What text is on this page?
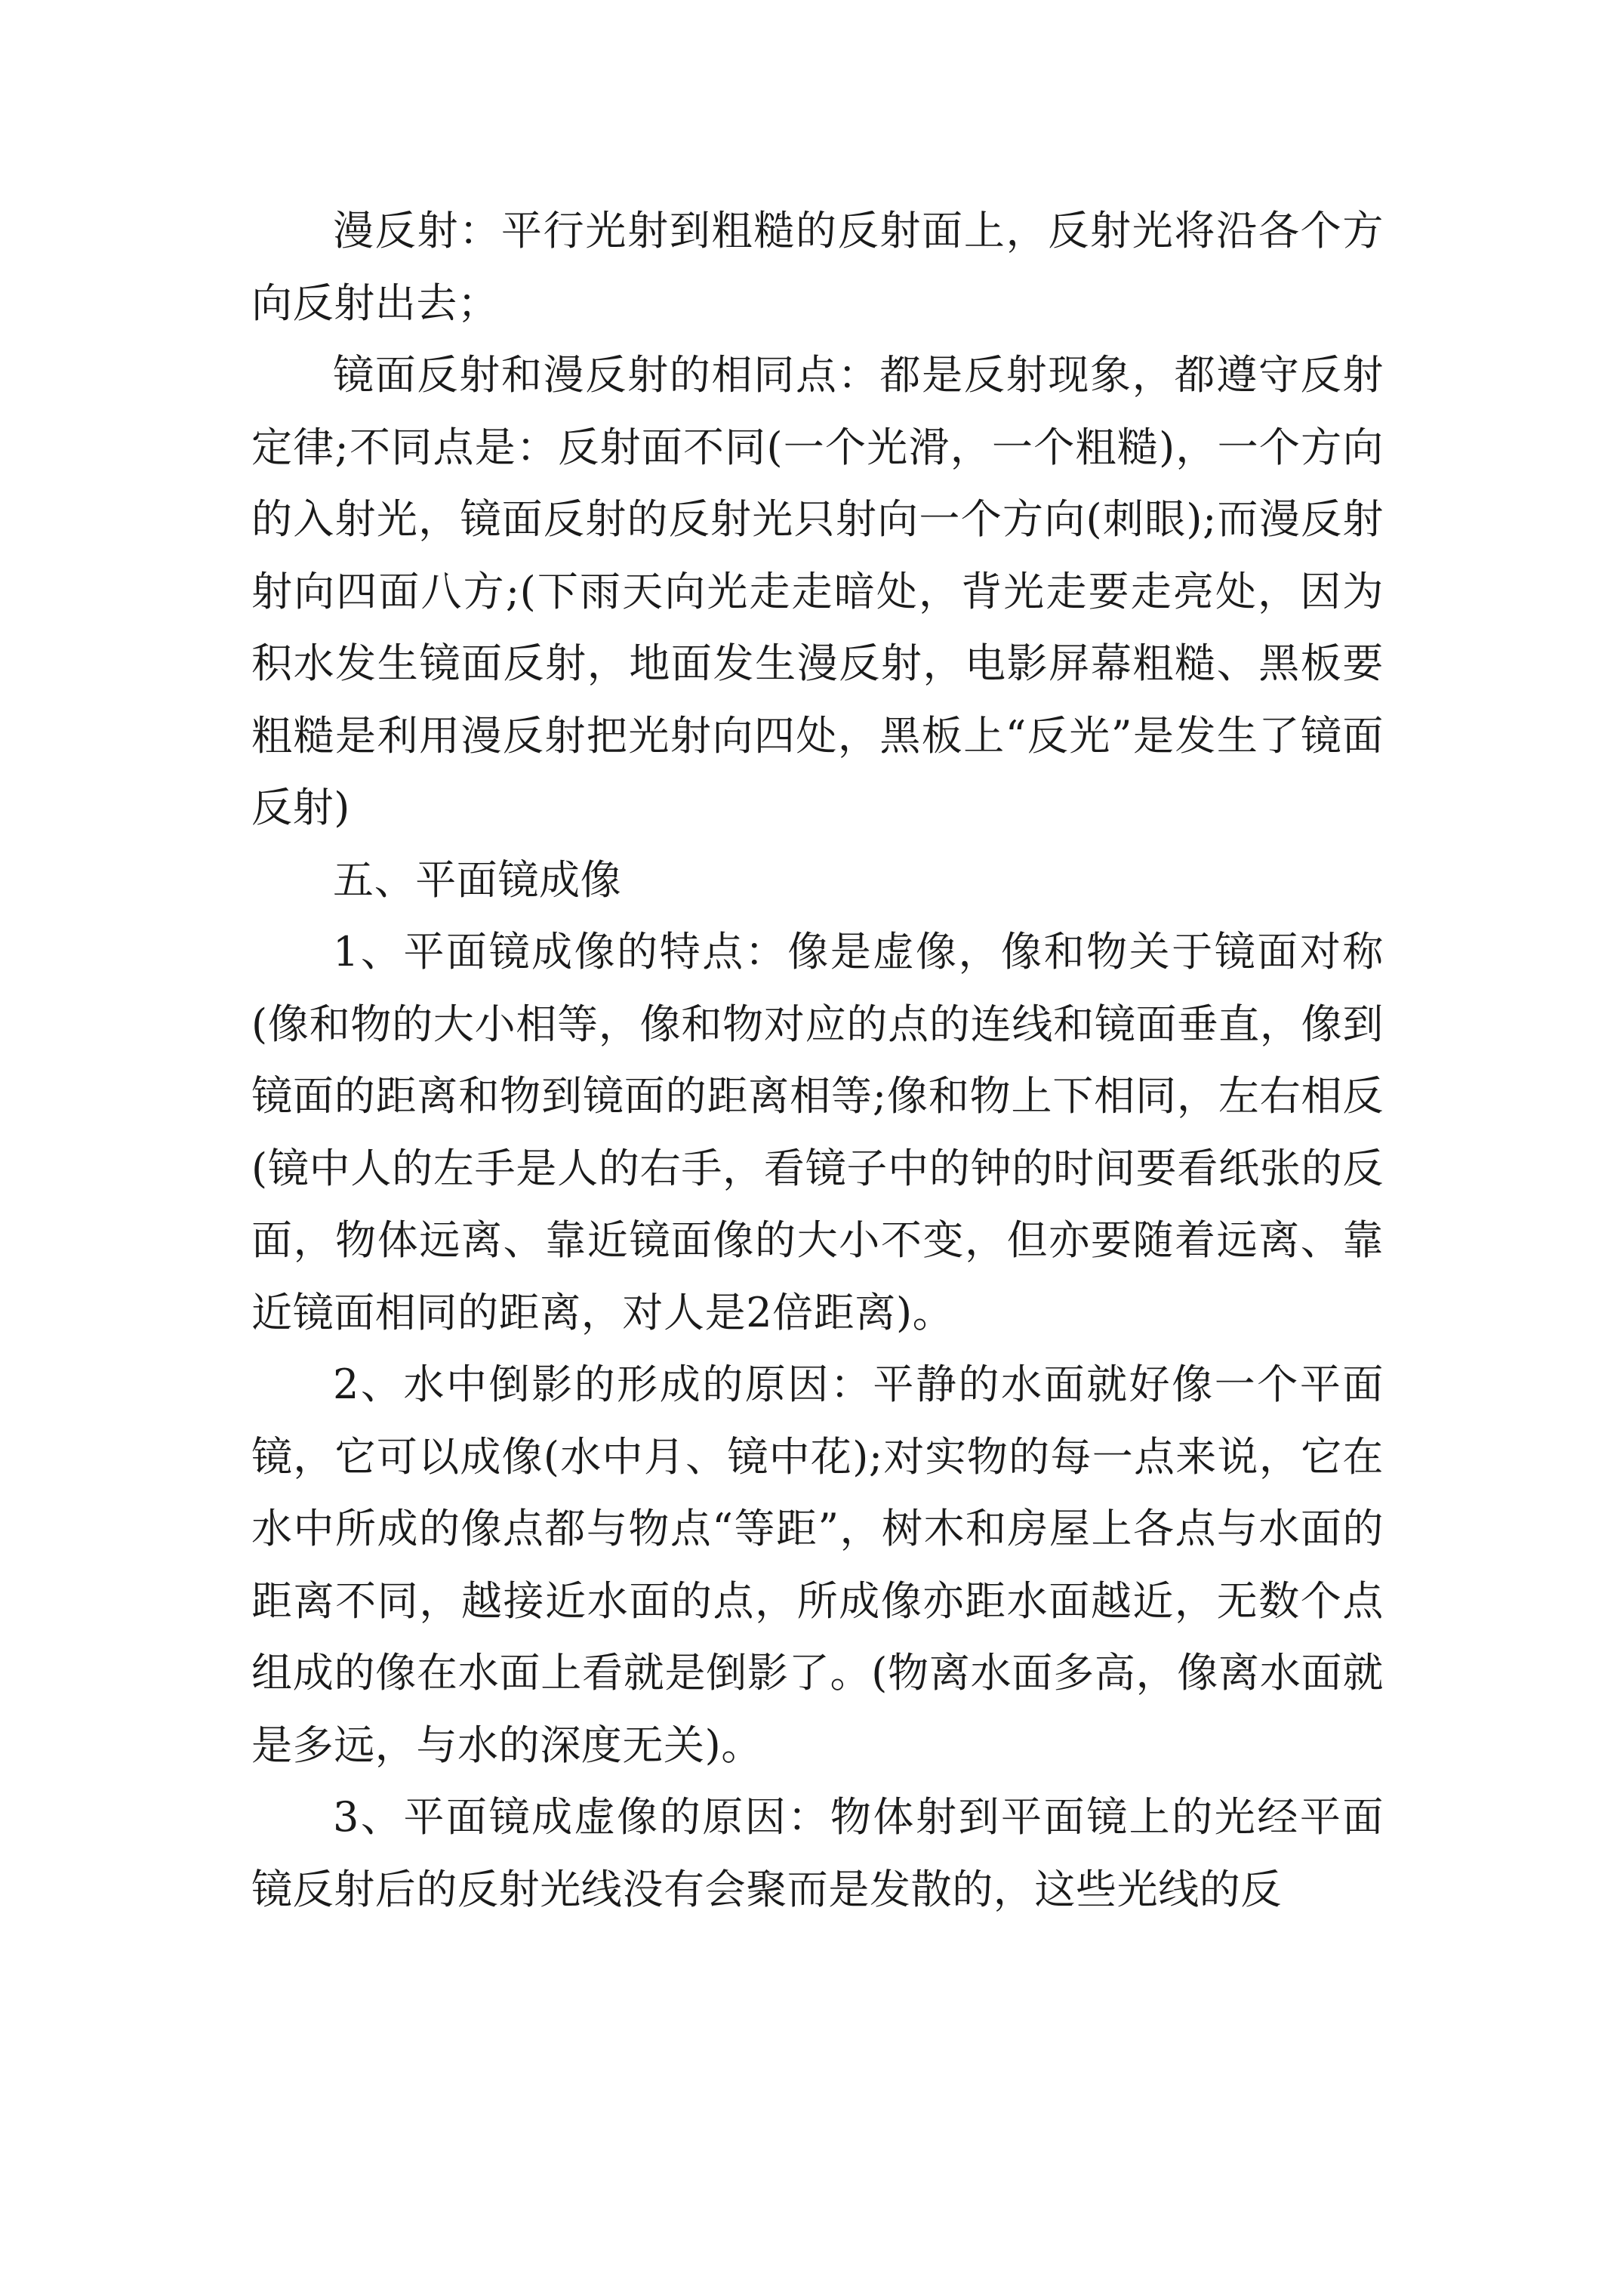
漫反射：平行光射到粗糙的反射面上，反射光将沿各个方向反射出去；

镜面反射和漫反射的相同点：都是反射现象，都遵守反射定律;不同点是：反射面不同(一个光滑，一个粗糙)，一个方向的入射光，镜面反射的反射光只射向一个方向(刺眼);而漫反射射向四面八方;(下雨天向光走走暗处，背光走要走亮处，因为积水发生镜面反射，地面发生漫反射，电影屏幕粗糙、黑板要粗糙是利用漫反射把光射向四处，黑板上“反光”是发生了镜面反射)

五、平面镜成像

1、平面镜成像的特点：像是虚像，像和物关于镜面对称(像和物的大小相等，像和物对应的点的连线和镜面垂直，像到镜面的距离和物到镜面的距离相等;像和物上下相同，左右相反(镜中人的左手是人的右手，看镜子中的钟的时间要看纸张的反面，物体远离、靠近镜面像的大小不变，但亦要随着远离、靠近镜面相同的距离，对人是2倍距离)。

2、水中倒影的形成的原因：平静的水面就好像一个平面镜，它可以成像(水中月、镜中花);对实物的每一点来说，它在水中所成的像点都与物点“等距”，树木和房屋上各点与水面的距离不同，越接近水面的点，所成像亦距水面越近，无数个点组成的像在水面上看就是倒影了。(物离水面多高，像离水面就是多远，与水的深度无关)。

3、平面镜成虚像的原因：物体射到平面镜上的光经平面镜反射后的反射光线没有会聚而是发散的，这些光线的反
